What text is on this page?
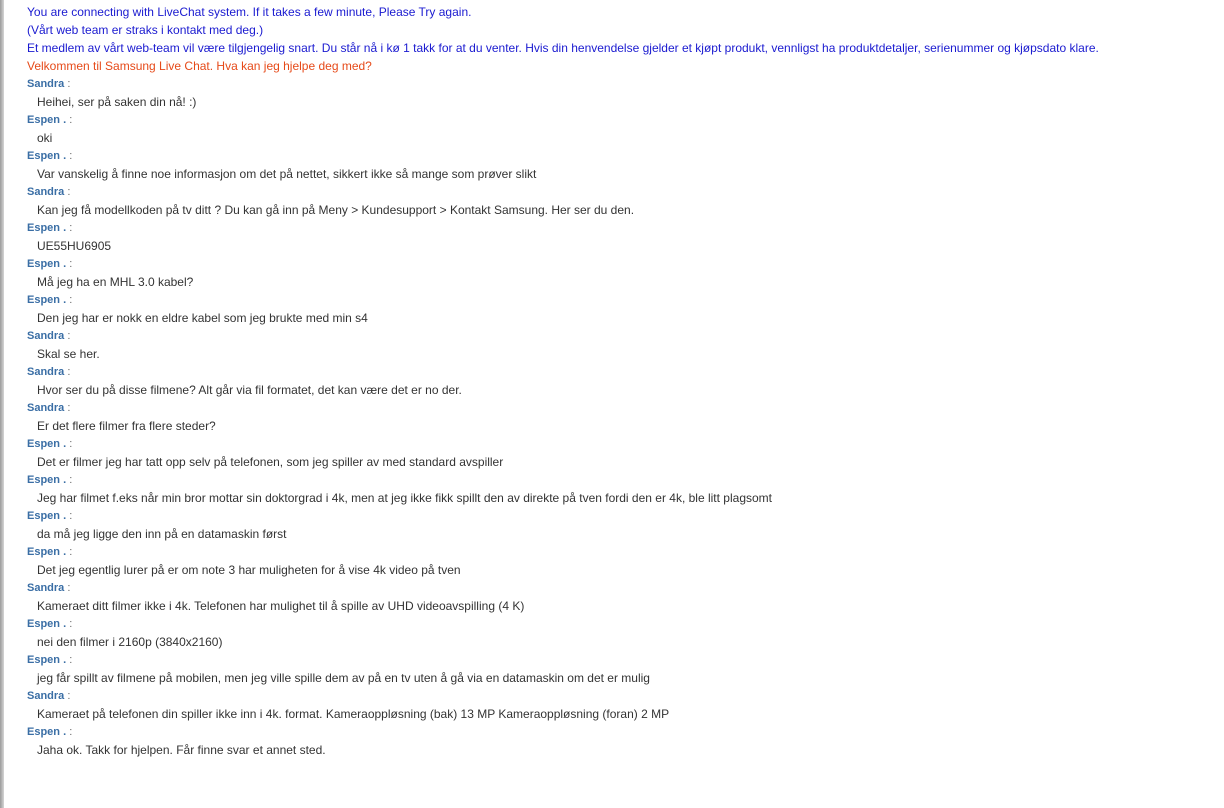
You are connecting with LiveChat system. If it takes a few minute, Please Try again.
(Vårt web team er straks i kontakt med deg.)
Et medlem av vårt web-team vil være tilgjengelig snart. Du står nå i kø 1 takk for at du venter. Hvis din henvendelse gjelder et kjøpt produkt, vennligst ha produktdetaljer, serienummer og kjøpsdato klare.
Velkommen til Samsung Live Chat. Hva kan jeg hjelpe deg med?
Sandra :
Heihei, ser på saken din nå! :)
Espen . :
oki
Espen . :
Var vanskelig å finne noe informasjon om det på nettet, sikkert ikke så mange som prøver slikt
Sandra :
Kan jeg få modellkoden på tv ditt ? Du kan gå inn på Meny > Kundesupport > Kontakt Samsung. Her ser du den.
Espen . :
UE55HU6905
Espen . :
Må jeg ha en MHL 3.0 kabel?
Espen . :
Den jeg har er nokk en eldre kabel som jeg brukte med min s4
Sandra :
Skal se her.
Sandra :
Hvor ser du på disse filmene? Alt går via fil formatet, det kan være det er no der.
Sandra :
Er det flere filmer fra flere steder?
Espen . :
Det er filmer jeg har tatt opp selv på telefonen, som jeg spiller av med standard avspiller
Espen . :
Jeg har filmet f.eks når min bror mottar sin doktorgrad i 4k, men at jeg ikke fikk spillt den av direkte på tven fordi den er 4k, ble litt plagsomt
Espen . :
da må jeg ligge den inn på en datamaskin først
Espen . :
Det jeg egentlig lurer på er om note 3 har muligheten for å vise 4k video på tven
Sandra :
Kameraet ditt filmer ikke i 4k. Telefonen har mulighet til å spille av UHD videoavspilling (4 K)
Espen . :
nei den filmer i 2160p (3840x2160)
Espen . :
jeg får spillt av filmene på mobilen, men jeg ville spille dem av på en tv uten å gå via en datamaskin om det er mulig
Sandra :
Kameraet på telefonen din spiller ikke inn i 4k. format. Kameraoppløsning (bak) 13 MP Kameraoppløsning (foran) 2 MP
Espen . :
Jaha ok. Takk for hjelpen. Får finne svar et annet sted.
